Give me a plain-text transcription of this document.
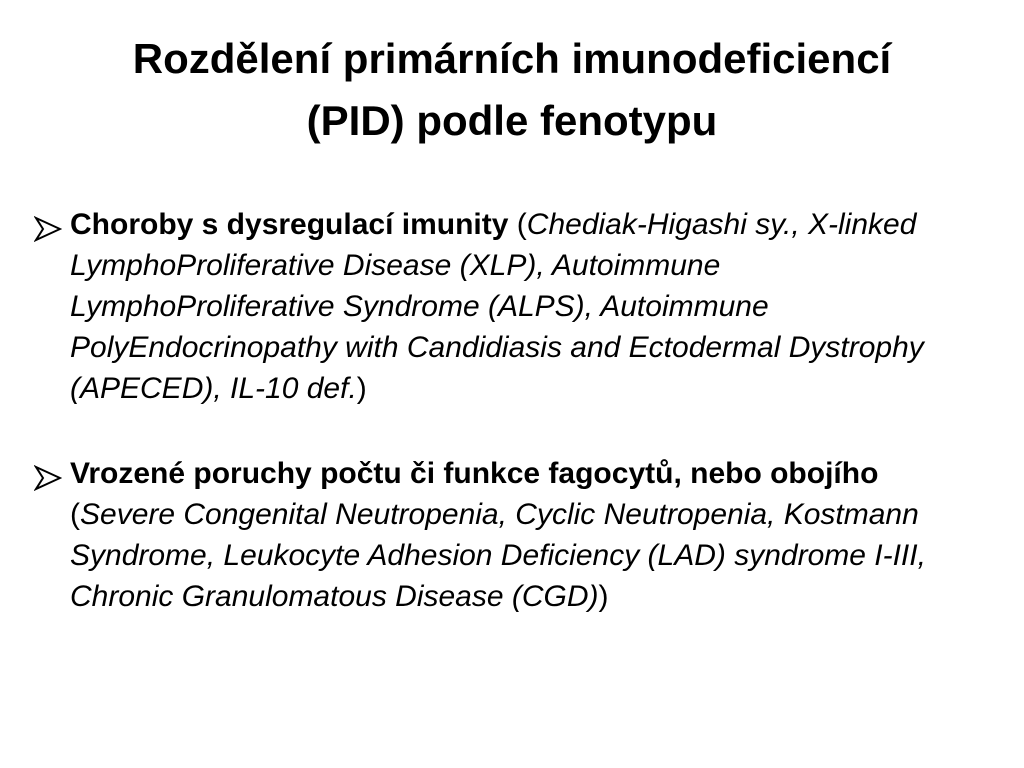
Rozdělení primárních imunodeficiencí
(PID) podle fenotypu
Choroby s dysregulací imunity (Chediak-Higashi sy., X-linked LymphoProliferative Disease (XLP), Autoimmune LymphoProliferative Syndrome (ALPS), Autoimmune PolyEndocrinopathy with Candidiasis and Ectodermal Dystrophy (APECED), IL-10 def.)
Vrozené poruchy počtu či funkce fagocytů, nebo obojího (Severe Congenital Neutropenia, Cyclic Neutropenia, Kostmann Syndrome, Leukocyte Adhesion Deficiency (LAD) syndrome I-III, Chronic Granulomatous Disease (CGD))
